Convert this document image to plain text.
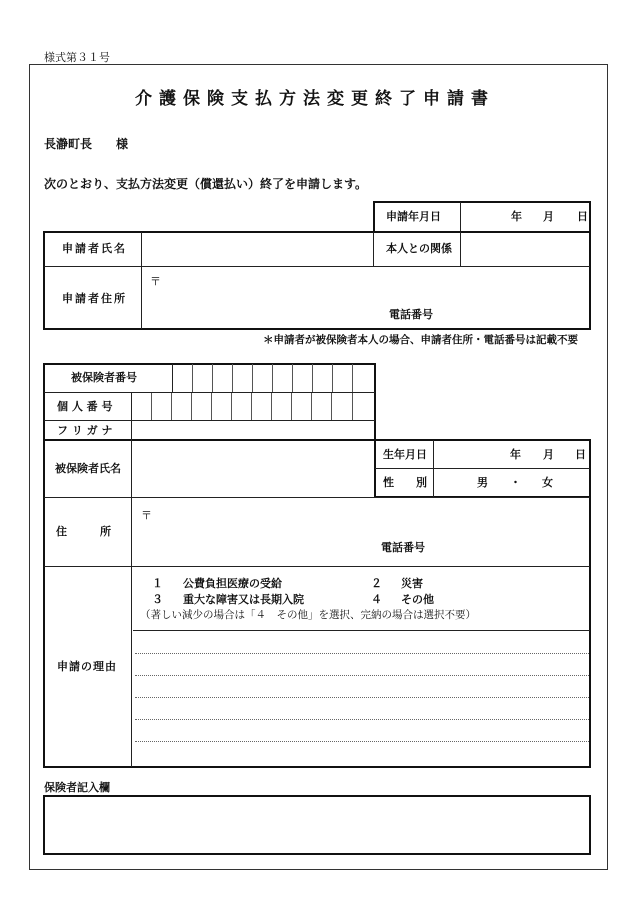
様式第３１号
介護保険支払方法変更終了申請書
長瀞町長　　様
次のとおり、支払方法変更（償還払い）終了を申請します。
申請年月日	年 月 日
申請者氏名	本人との関係
申請者住所
〒
電話番号
＊申請者が被保険者本人の場合、申請者住所・電話番号は記載不要
被保険者番号
個 人 番 号
フ リ ガ ナ
被保険者氏名
生年月日	年 月 日
性　　別	男 ・ 女
住　　　所
〒
電話番号
申請の理由
１ 公費負担医療の受給	２ 災害
３ 重大な障害又は長期入院	４ その他
（著しい減少の場合は「４　その他」を選択、完納の場合は選択不要）
保険者記入欄
